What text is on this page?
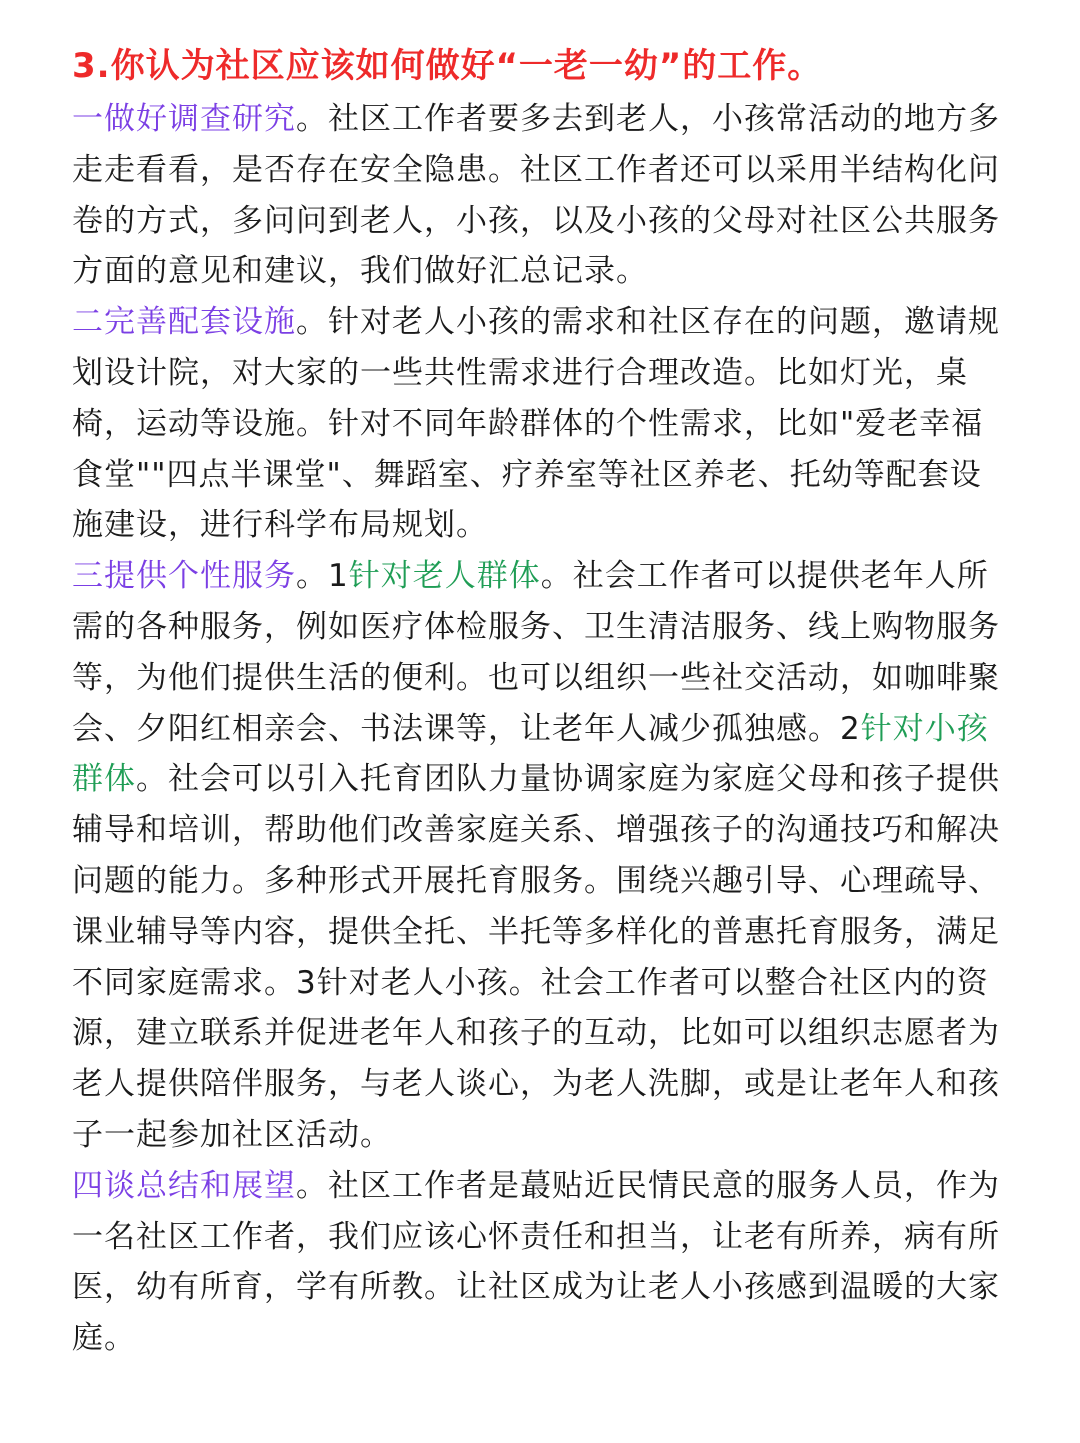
3.你认为社区应该如何做好“一老一幼”的工作。

一做好调查研究。社区工作者要多去到老人，小孩常活动的地方多走走看看，是否存在安全隐患。社区工作者还可以采用半结构化问卷的方式，多问问到老人，小孩，以及小孩的父母对社区公共服务方面的意见和建议，我们做好汇总记录。

二完善配套设施。针对老人小孩的需求和社区存在的问题，邀请规划设计院，对大家的一些共性需求进行合理改造。比如灯光，桌椅，运动等设施。针对不同年龄群体的个性需求，比如"爱老幸福食堂""四点半课堂"、舞蹈室、疗养室等社区养老、托幼等配套设施建设，进行科学布局规划。

三提供个性服务。1针对老人群体。社会工作者可以提供老年人所需的各种服务，例如医疗体检服务、卫生清洁服务、线上购物服务等，为他们提供生活的便利。也可以组织一些社交活动，如咖啡聚会、夕阳红相亲会、书法课等，让老年人减少孤独感。2针对小孩群体。社会可以引入托育团队力量协调家庭为家庭父母和孩子提供辅导和培训，帮助他们改善家庭关系、增强孩子的沟通技巧和解决问题的能力。多种形式开展托育服务。围绕兴趣引导、心理疏导、课业辅导等内容，提供全托、半托等多样化的普惠托育服务，满足不同家庭需求。3针对老人小孩。社会工作者可以整合社区内的资源，建立联系并促进老年人和孩子的互动，比如可以组织志愿者为老人提供陪伴服务，与老人谈心，为老人洗脚，或是让老年人和孩子一起参加社区活动。

四谈总结和展望。社区工作者是蕞贴近民情民意的服务人员，作为一名社区工作者，我们应该心怀责任和担当，让老有所养，病有所医，幼有所育，学有所教。让社区成为让老人小孩感到温暖的大家庭。
